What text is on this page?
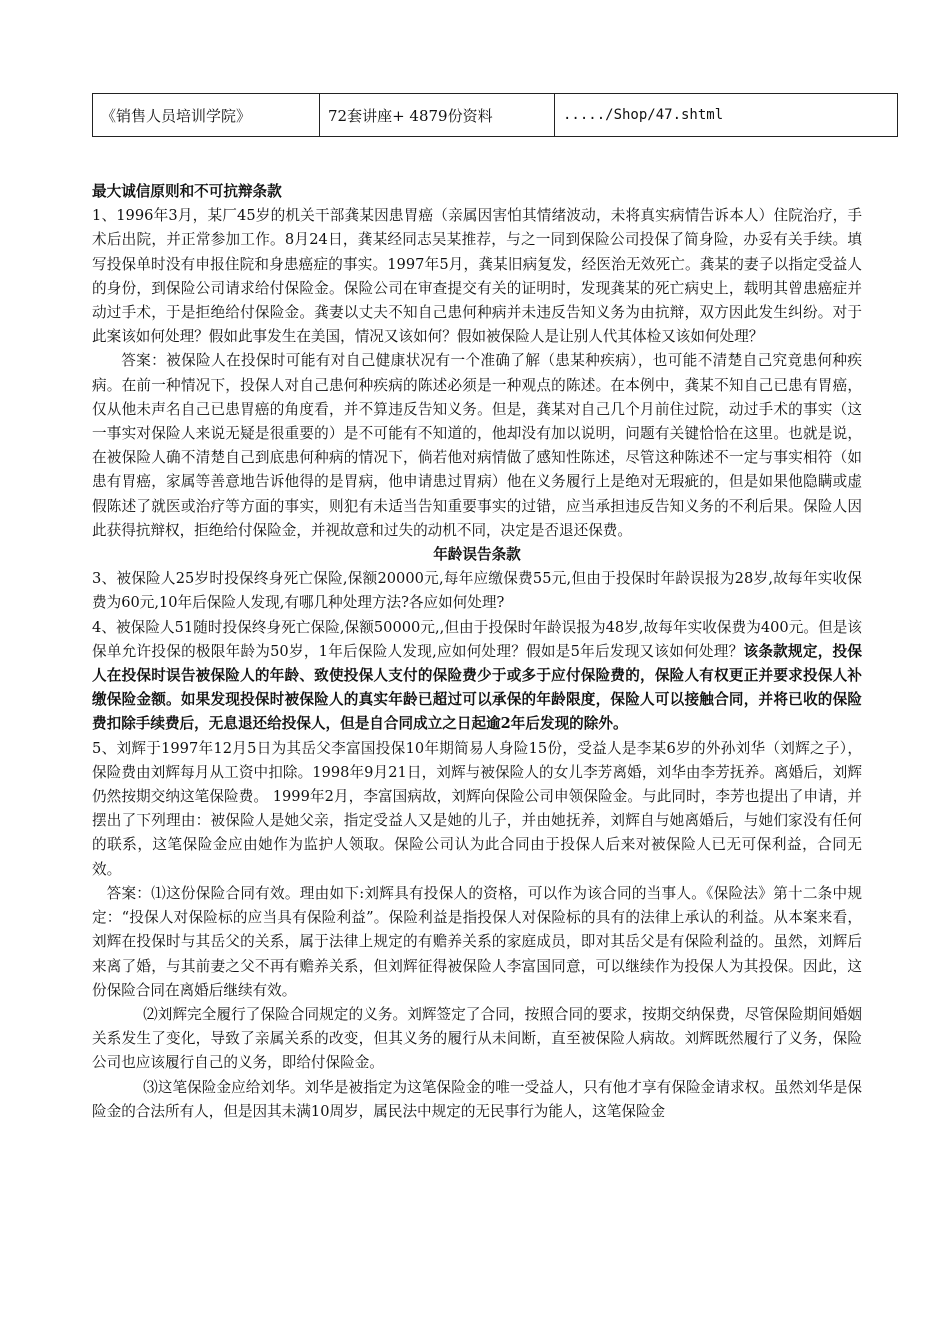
《销售人员培训学院》	72套讲座+ 4879份资料	...../Shop/47.shtml

最大诚信原则和不可抗辩条款

1、1996年3月，某厂45岁的机关干部龚某因患胃癌（亲属因害怕其情绪波动，未将真实病情告诉本人）住院治疗，手术后出院，并正常参加工作。8月24日，龚某经同志吴某推荐，与之一同到保险公司投保了简身险，办妥有关手续。填写投保单时没有申报住院和身患癌症的事实。1997年5月，龚某旧病复发，经医治无效死亡。龚某的妻子以指定受益人的身份，到保险公司请求给付保险金。保险公司在审查提交有关的证明时，发现龚某的死亡病史上，载明其曾患癌症并动过手术，于是拒绝给付保险金。龚妻以丈夫不知自己患何种病并未违反告知义务为由抗辩，双方因此发生纠纷。对于此案该如何处理？假如此事发生在美国，情况又该如何？假如被保险人是让别人代其体检又该如何处理？

答案：被保险人在投保时可能有对自己健康状况有一个准确了解（患某种疾病），也可能不清楚自己究竟患何种疾病。在前一种情况下，投保人对自己患何种疾病的陈述必须是一种观点的陈述。在本例中，龚某不知自己已患有胃癌，仅从他未声名自己已患胃癌的角度看，并不算违反告知义务。但是，龚某对自己几个月前住过院，动过手术的事实（这一事实对保险人来说无疑是很重要的）是不可能有不知道的，他却没有加以说明，问题有关键恰恰在这里。也就是说，在被保险人确不清楚自己到底患何种病的情况下，倘若他对病情做了感知性陈述，尽管这种陈述不一定与事实相符（如患有胃癌，家属等善意地告诉他得的是胃病，他申请患过胃病）他在义务履行上是绝对无瑕疵的，但是如果他隐瞒或虚假陈述了就医或治疗等方面的事实，则犯有未适当告知重要事实的过错，应当承担违反告知义务的不利后果。保险人因此获得抗辩权，拒绝给付保险金，并视故意和过失的动机不同，决定是否退还保费。

年龄误告条款

3、被保险人25岁时投保终身死亡保险,保额20000元,每年应缴保费55元,但由于投保时年龄误报为28岁,故每年实收保费为60元,10年后保险人发现,有哪几种处理方法?各应如何处理?

4、被保险人51随时投保终身死亡保险,保额50000元,,但由于投保时年龄误报为48岁,故每年实收保费为400元。但是该保单允许投保的极限年龄为50岁，1年后保险人发现,应如何处理？假如是5年后发现又该如何处理？该条款规定，投保人在投保时误告被保险人的年龄、致使投保人支付的保险费少于或多于应付保险费的，保险人有权更正并要求投保人补缴保险金额。如果发现投保时被保险人的真实年龄已超过可以承保的年龄限度，保险人可以接触合同，并将已收的保险费扣除手续费后，无息退还给投保人，但是自合同成立之日起逾2年后发现的除外。

5、刘辉于1997年12月5日为其岳父李富国投保10年期简易人身险15份，受益人是李某6岁的外孙刘华（刘辉之子），保险费由刘辉每月从工资中扣除。1998年9月21日，刘辉与被保险人的女儿李芳离婚，刘华由李芳抚养。离婚后，刘辉仍然按期交纳这笔保险费。 1999年2月，李富国病故，刘辉向保险公司申领保险金。与此同时，李芳也提出了申请，并摆出了下列理由：被保险人是她父亲，指定受益人又是她的儿子，并由她抚养，刘辉自与她离婚后，与她们家没有任何的联系，这笔保险金应由她作为监护人领取。保险公司认为此合同由于投保人后来对被保险人已无可保利益，合同无效。

答案：⑴这份保险合同有效。理由如下:刘辉具有投保人的资格，可以作为该合同的当事人。《保险法》第十二条中规定：“投保人对保险标的应当具有保险利益”。保险利益是指投保人对保险标的具有的法律上承认的利益。从本案来看，刘辉在投保时与其岳父的关系，属于法律上规定的有赡养关系的家庭成员，即对其岳父是有保险利益的。虽然，刘辉后来离了婚，与其前妻之父不再有赡养关系，但刘辉征得被保险人李富国同意，可以继续作为投保人为其投保。因此，这份保险合同在离婚后继续有效。

⑵刘辉完全履行了保险合同规定的义务。刘辉签定了合同，按照合同的要求，按期交纳保费，尽管保险期间婚姻关系发生了变化，导致了亲属关系的改变，但其义务的履行从未间断，直至被保险人病故。刘辉既然履行了义务，保险公司也应该履行自己的义务，即给付保险金。

⑶这笔保险金应给刘华。刘华是被指定为这笔保险金的唯一受益人，只有他才享有保险金请求权。虽然刘华是保险金的合法所有人，但是因其未满10周岁，属民法中规定的无民事行为能人，这笔保险金
